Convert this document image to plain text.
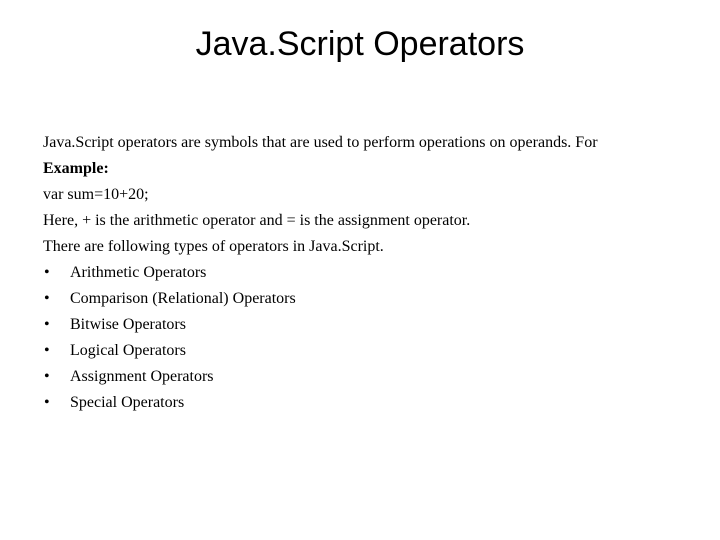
Java.Script Operators
Java.Script operators are symbols that are used to perform operations on operands. For
Example:
var sum=10+20;
Here, + is the arithmetic operator and = is the assignment operator.
There are following types of operators in Java.Script.
• Arithmetic Operators
• Comparison (Relational) Operators
• Bitwise Operators
• Logical Operators
• Assignment Operators
• Special Operators
